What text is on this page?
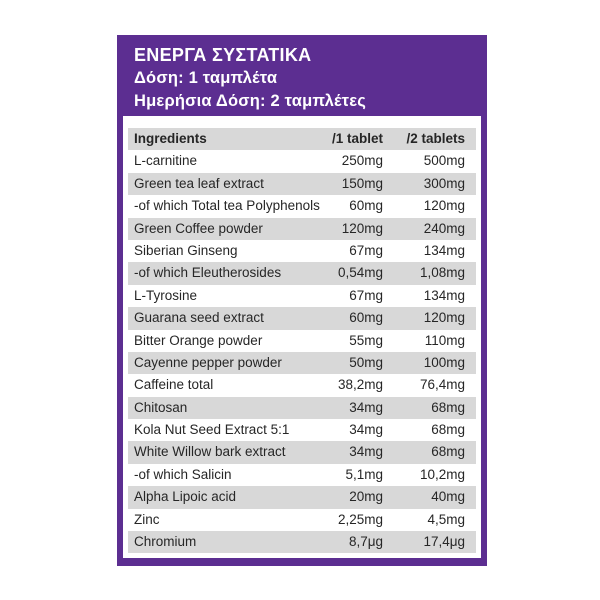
ΕΝΕΡΓΑ ΣΥΣΤΑΤΙΚΑ
Δόση: 1 ταμπλέτα
Ημερήσια Δόση: 2 ταμπλέτες
Ingredients	/1 tablet /2 tablets
L-carnitine	250mg	500mg
Green tea leaf extract	150mg	300mg
-of which Total tea Polyphenols 60mg	120mg
Green Coffee powder	120mg	240mg
Siberian Ginseng	67mg	134mg
-of which Eleutherosides	0,54mg	1,08mg
L-Tyrosine	67mg	134mg
Guarana seed extract	60mg	120mg
Bitter Orange powder	55mg	110mg
Cayenne pepper powder	50mg	100mg
Caffeine total	38,2mg	76,4mg
Chitosan	34mg	68mg
Kola Nut Seed Extract 5:1	34mg	68mg
White Willow bark extract	34mg	68mg
-of which Salicin	5,1mg	10,2mg
Alpha Lipoic acid	20mg	40mg
Zinc	2,25mg	4,5mg
Chromium	8,7μg	17,4μg
